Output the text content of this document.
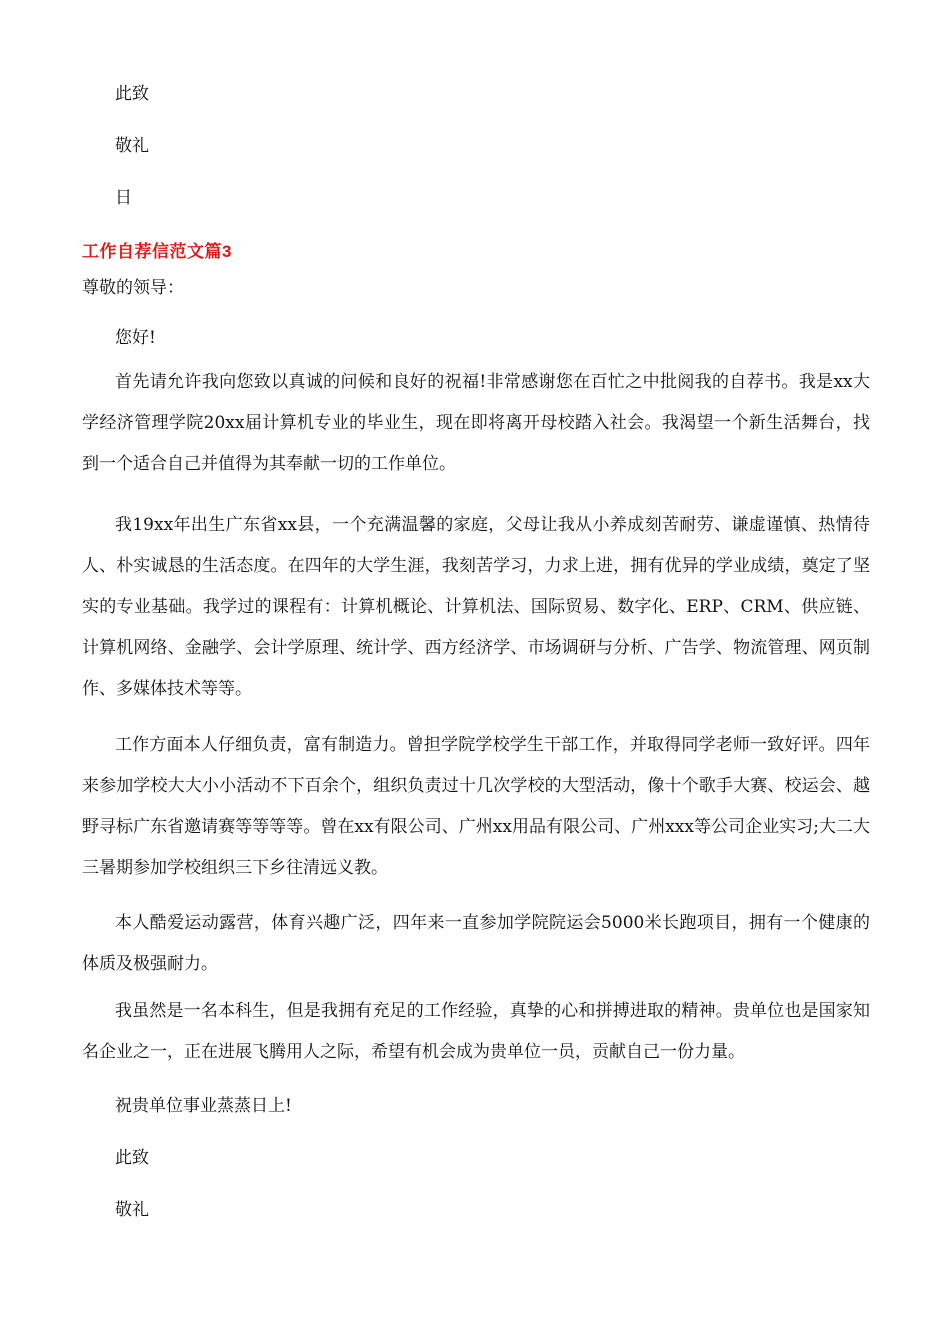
此致
敬礼
日
工作自荐信范文篇3
尊敬的领导：
您好!

首先请允许我向您致以真诚的问候和良好的祝福!非常感谢您在百忙之中批阅我的自荐书。我是xx大学经济管理学院20xx届计算机专业的毕业生，现在即将离开母校踏入社会。我渴望一个新生活舞台，找到一个适合自己并值得为其奉献一切的工作单位。

我19xx年出生广东省xx县，一个充满温馨的家庭，父母让我从小养成刻苦耐劳、谦虚谨慎、热情待人、朴实诚恳的生活态度。在四年的大学生涯，我刻苦学习，力求上进，拥有优异的学业成绩，奠定了坚实的专业基础。我学过的课程有：计算机概论、计算机法、国际贸易、数字化、ERP、CRM、供应链、计算机网络、金融学、会计学原理、统计学、西方经济学、市场调研与分析、广告学、物流管理、网页制作、多媒体技术等等。

工作方面本人仔细负责，富有制造力。曾担学院学校学生干部工作，并取得同学老师一致好评。四年来参加学校大大小小活动不下百余个，组织负责过十几次学校的大型活动，像十个歌手大赛、校运会、越野寻标广东省邀请赛等等等等。曾在xx有限公司、广州xx用品有限公司、广州xxx等公司企业实习;大二大三暑期参加学校组织三下乡往清远义教。

本人酷爱运动露营，体育兴趣广泛，四年来一直参加学院院运会5000米长跑项目，拥有一个健康的体质及极强耐力。

我虽然是一名本科生，但是我拥有充足的工作经验，真挚的心和拼搏进取的精神。贵单位也是国家知名企业之一，正在进展飞腾用人之际，希望有机会成为贵单位一员，贡献自己一份力量。

祝贵单位事业蒸蒸日上!
此致
敬礼
